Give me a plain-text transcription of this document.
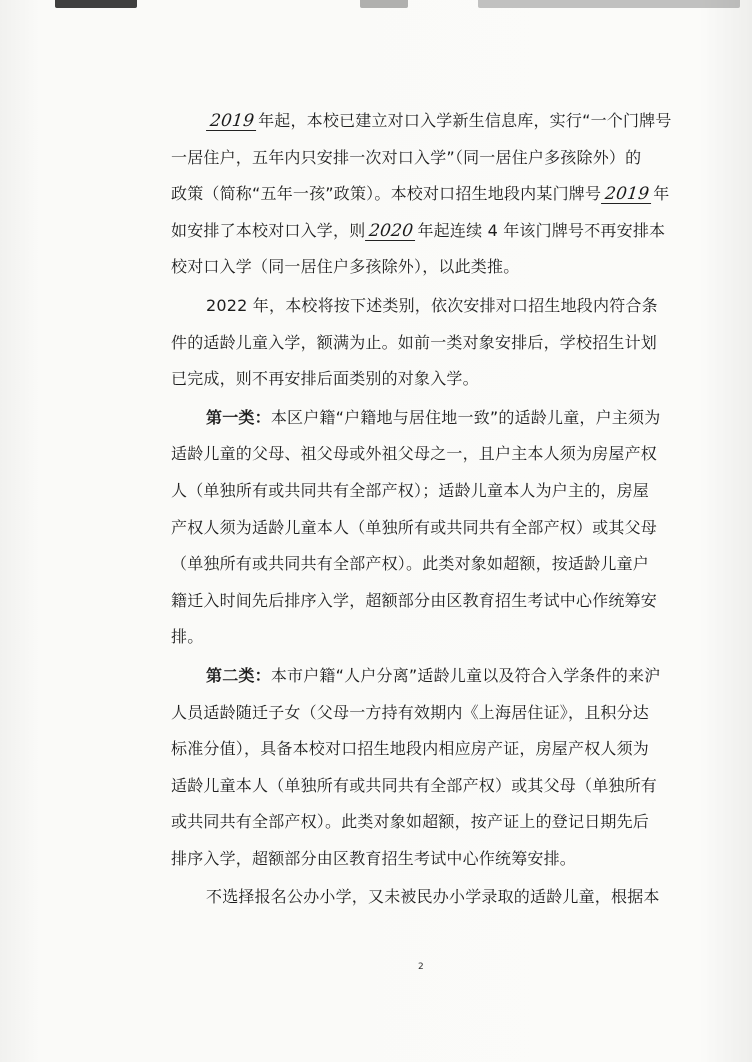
2019 年起，本校已建立对口入学新生信息库，实行“一个门牌号
一居住户，五年内只安排一次对口入学”（同一居住户多孩除外）的
政策（简称“五年一孩”政策）。本校对口招生地段内某门牌号 2019 年
如安排了本校对口入学，则 2020 年起连续 4 年该门牌号不再安排本
校对口入学（同一居住户多孩除外），以此类推。
2022 年，本校将按下述类别，依次安排对口招生地段内符合条
件的适龄儿童入学，额满为止。如前一类对象安排后，学校招生计划
已完成，则不再安排后面类别的对象入学。
第一类：本区户籍“户籍地与居住地一致”的适龄儿童，户主须为
适龄儿童的父母、祖父母或外祖父母之一，且户主本人须为房屋产权
人（单独所有或共同共有全部产权）；适龄儿童本人为户主的，房屋
产权人须为适龄儿童本人（单独所有或共同共有全部产权）或其父母
（单独所有或共同共有全部产权）。此类对象如超额，按适龄儿童户
籍迁入时间先后排序入学，超额部分由区教育招生考试中心作统筹安
排。
第二类：本市户籍“人户分离”适龄儿童以及符合入学条件的来沪
人员适龄随迁子女（父母一方持有效期内《上海居住证》，且积分达
标准分值），具备本校对口招生地段内相应房产证，房屋产权人须为
适龄儿童本人（单独所有或共同共有全部产权）或其父母（单独所有
或共同共有全部产权）。此类对象如超额，按产证上的登记日期先后
排序入学，超额部分由区教育招生考试中心作统筹安排。
不选择报名公办小学，又未被民办小学录取的适龄儿童，根据本
2
